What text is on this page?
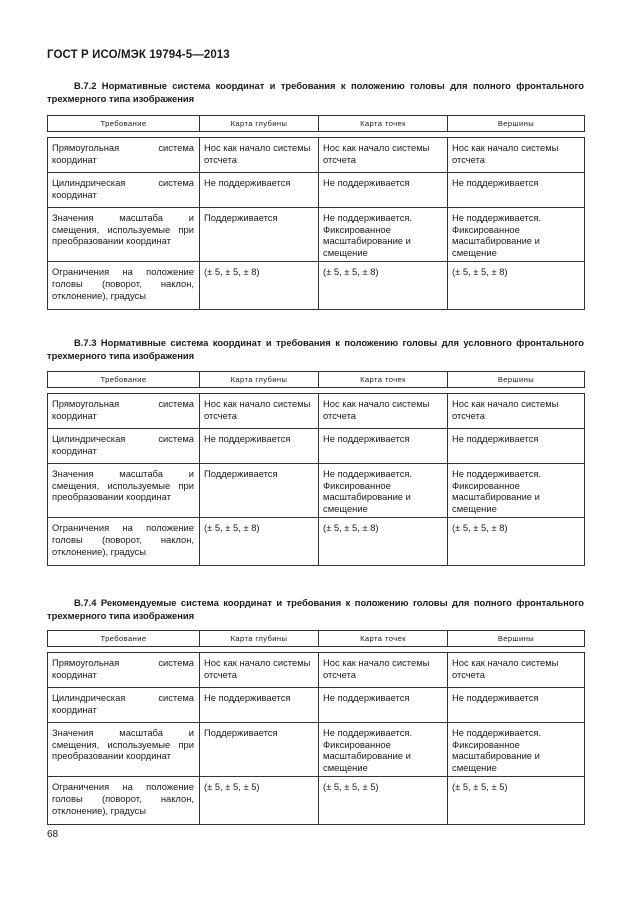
ГОСТ Р ИСО/МЭК 19794-5—2013
В.7.2 Нормативные система координат и требования к положению головы для полного фронтального трехмерного типа изображения
Требование	Карта глубины	Карта точек	Вершины

Прямоугольная система координат	Нос как начало системы отсчета	Нос как начало системы отсчета	Нос как начало системы отсчета
Цилиндрическая система координат	Не поддерживается	Не поддерживается	Не поддерживается
Значения масштаба и смещения, используемые при преобразовании координат	Поддерживается	Не поддерживается. Фиксированное масштабирование и смещение	Не поддерживается. Фиксированное масштабирование и смещение
Ограничения на положение головы (поворот, наклон, отклонение), градусы	(± 5, ± 5, ± 8)	(± 5, ± 5, ± 8)	(± 5, ± 5, ± 8)
В.7.3 Нормативные система координат и требования к положению головы для условного фронтального трехмерного типа изображения
Требование	Карта глубины	Карта точек	Вершины

Прямоугольная система координат	Нос как начало системы отсчета	Нос как начало системы отсчета	Нос как начало системы отсчета
Цилиндрическая система координат	Не поддерживается	Не поддерживается	Не поддерживается
Значения масштаба и смещения, используемые при преобразовании координат	Поддерживается	Не поддерживается. Фиксированное масштабирование и смещение	Не поддерживается. Фиксированное масштабирование и смещение
Ограничения на положение головы (поворот, наклон, отклонение), градусы	(± 5, ± 5, ± 8)	(± 5, ± 5, ± 8)	(± 5, ± 5, ± 8)
В.7.4 Рекомендуемые система координат и требования к положению головы для полного фронтального трехмерного типа изображения
Требование	Карта глубины	Карта точек	Вершины

Прямоугольная система координат	Нос как начало системы отсчета	Нос как начало системы отсчета	Нос как начало системы отсчета
Цилиндрическая система координат	Не поддерживается	Не поддерживается	Не поддерживается
Значения масштаба и смещения, используемые при преобразовании координат	Поддерживается	Не поддерживается. Фиксированное масштабирование и смещение	Не поддерживается. Фиксированное масштабирование и смещение
Ограничения на положение головы (поворот, наклон, отклонение), градусы	(± 5, ± 5, ± 5)	(± 5, ± 5, ± 5)	(± 5, ± 5, ± 5)
68
